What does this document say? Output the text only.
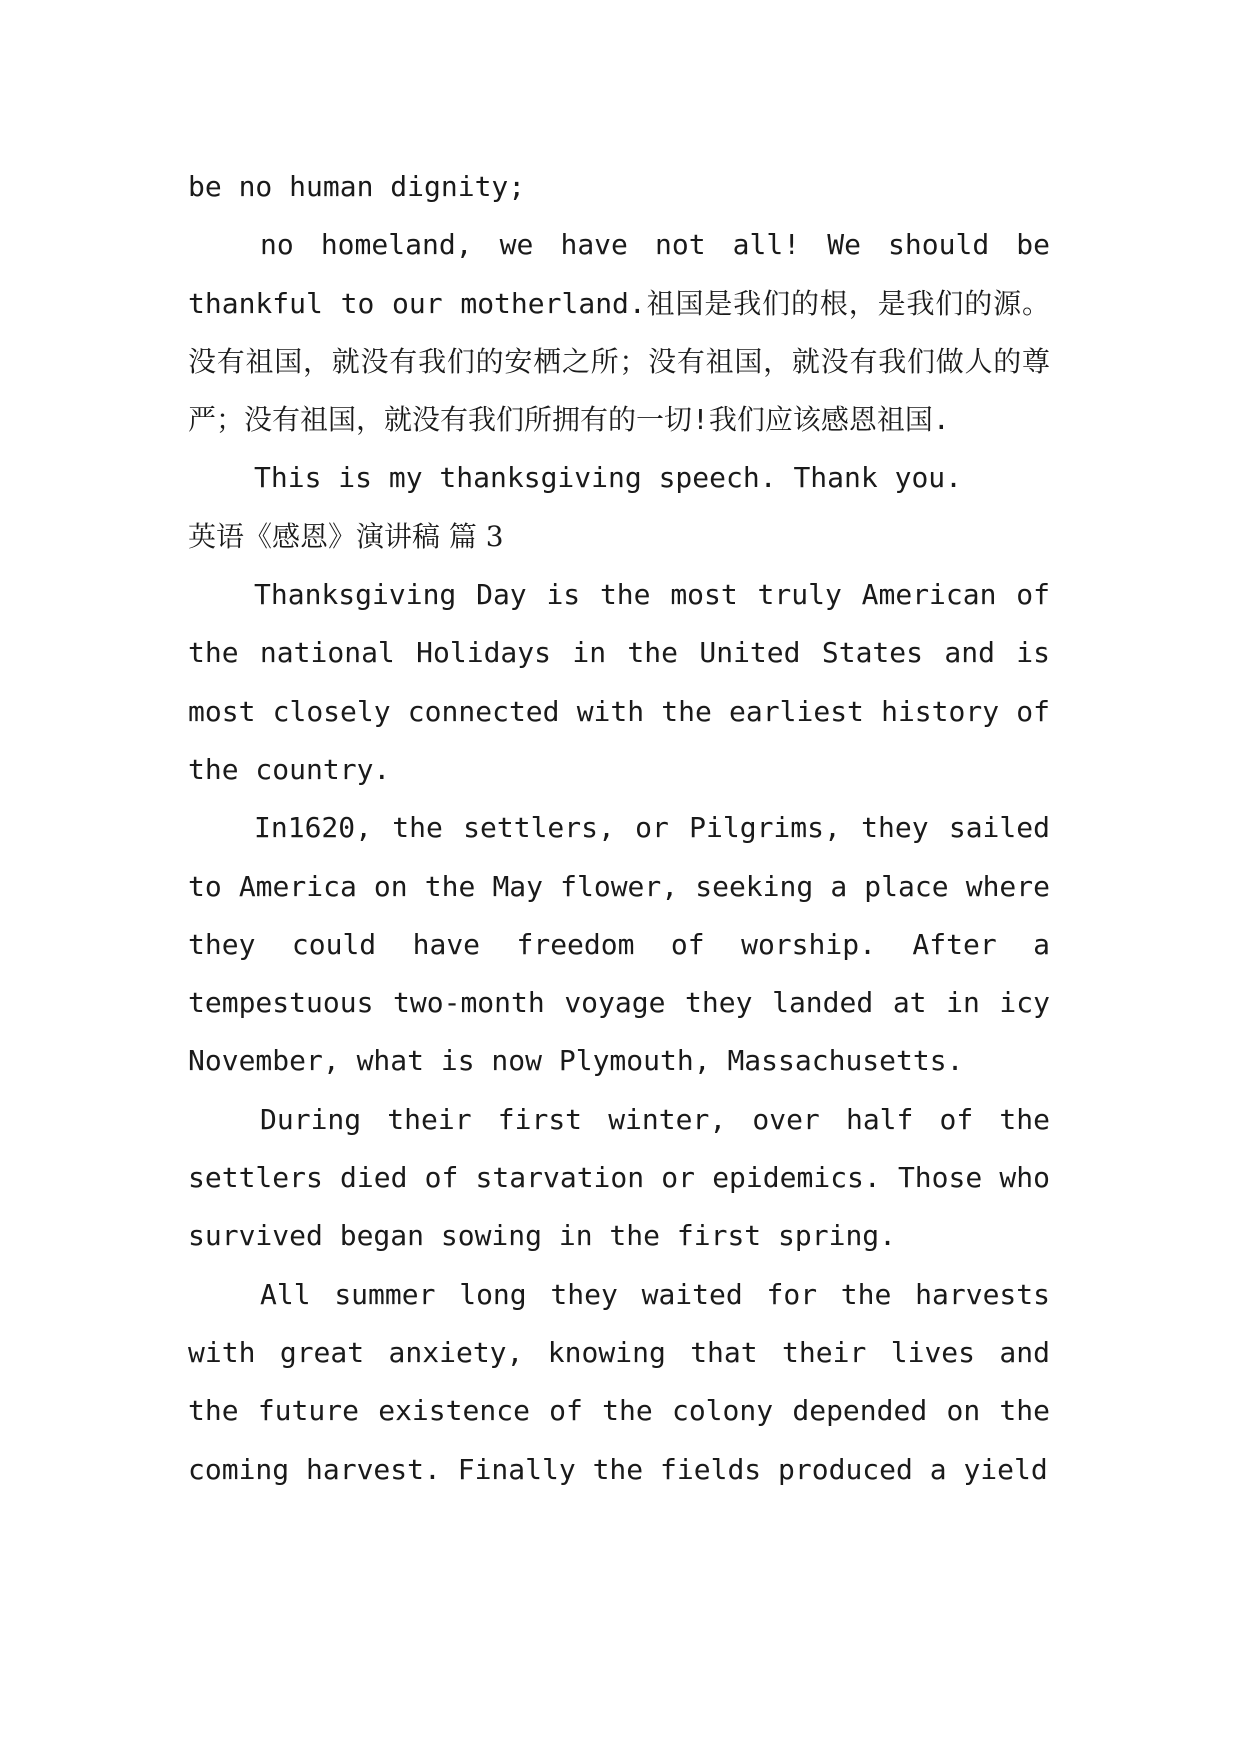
be no human dignity;

no homeland, we have not all! We should be thankful to our motherland.祖国是我们的根，是我们的源。没有祖国，就没有我们的安栖之所；没有祖国，就没有我们做人的尊严；没有祖国，就没有我们所拥有的一切!我们应该感恩祖国.

This is my thanksgiving speech. Thank you.

英语《感恩》演讲稿 篇 3

Thanksgiving Day is the most truly American of the national Holidays in the United States and is most closely connected with the earliest history of the country.

In1620, the settlers, or Pilgrims, they sailed to America on the May flower, seeking a place where they could have freedom of worship. After a tempestuous two-month voyage they landed at in icy November, what is now Plymouth, Massachusetts.

During their first winter, over half of the settlers died of starvation or epidemics. Those who survived began sowing in the first spring.

All summer long they waited for the harvests with great anxiety, knowing that their lives and the future existence of the colony depended on the coming harvest. Finally the fields produced a yield
